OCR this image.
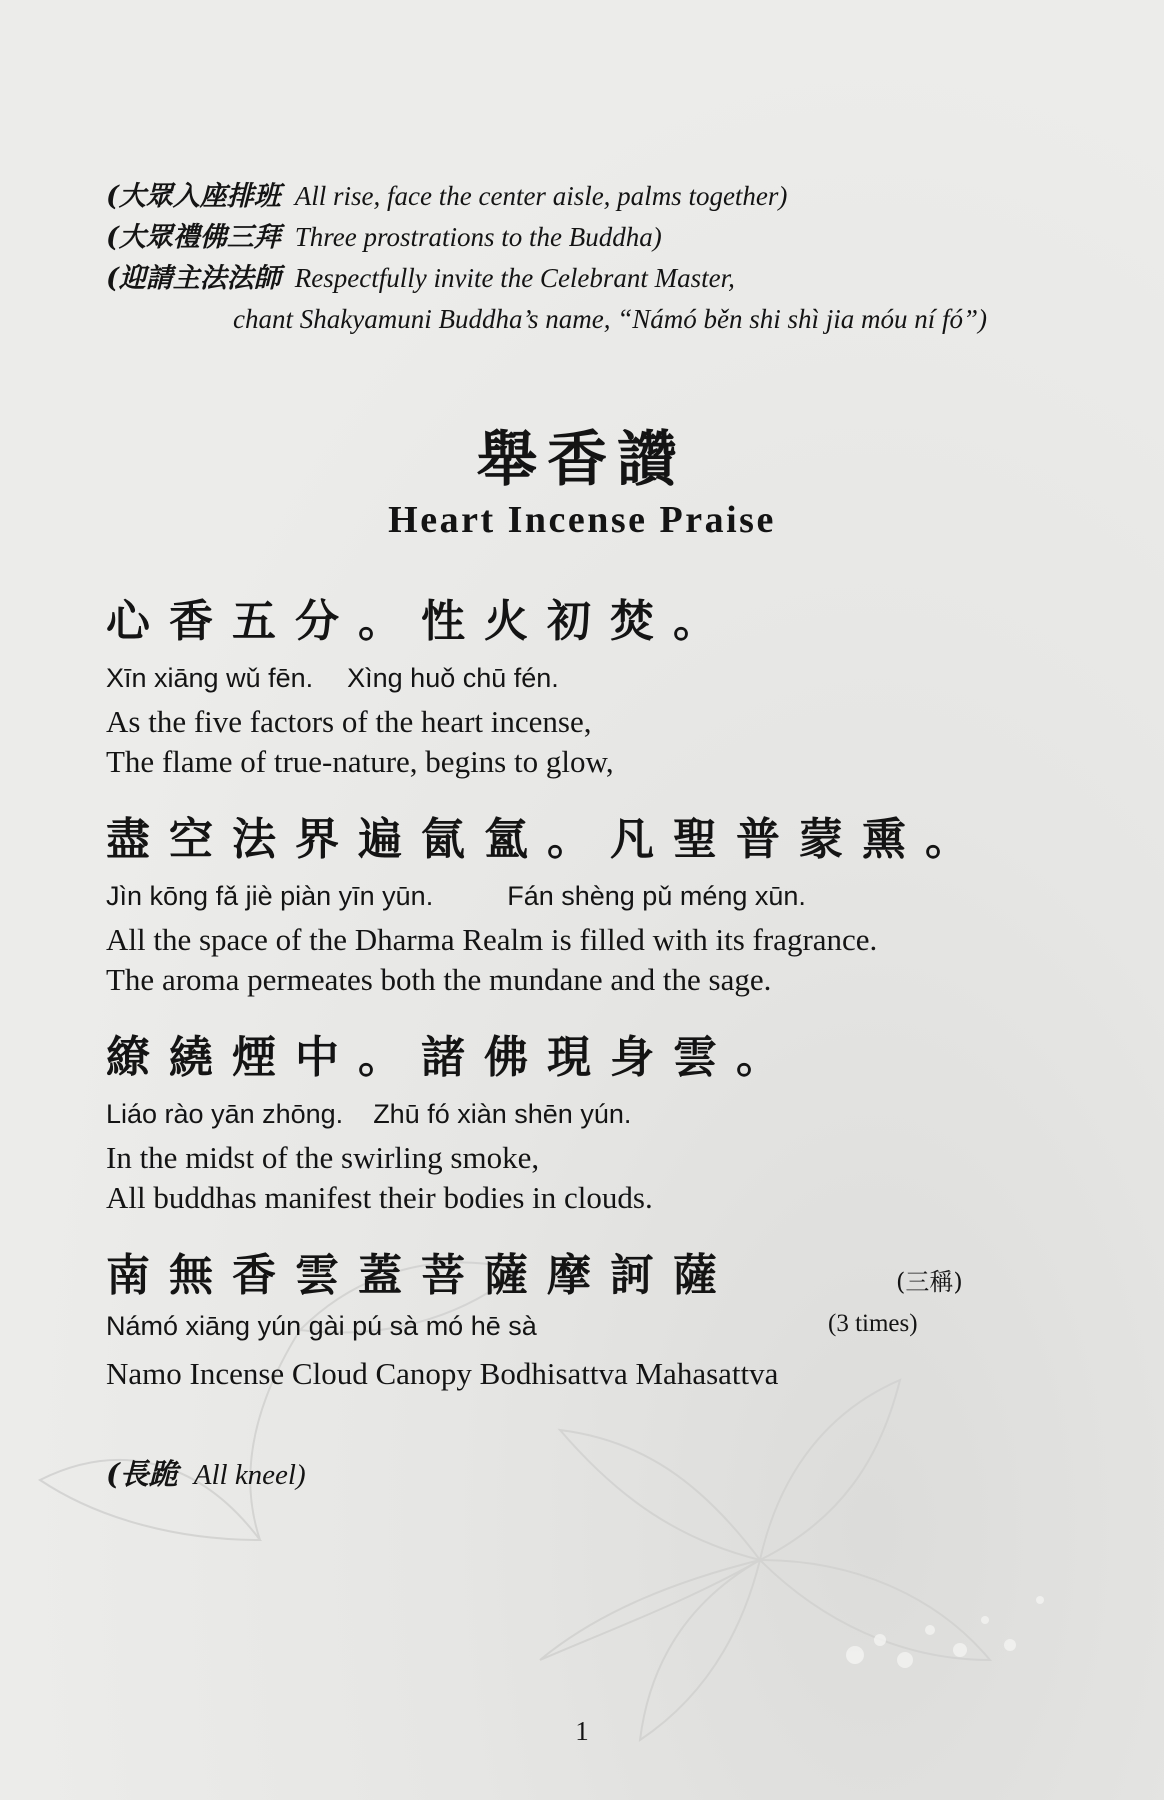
(大眾入座排班 All rise, face the center aisle, palms together)
(大眾禮佛三拜 Three prostrations to the Buddha)
(迎請主法法師 Respectfully invite the Celebrant Master,
chant Shakyamuni Buddha’s name, “Námó běn shi shì jia móu ní fó”)
舉香讚
Heart Incense Praise
心香五分。性火初焚。
Xīn xiāng wǔ fēn. Xìng huǒ chū fén.
As the five factors of the heart incense,
The flame of true-nature, begins to glow,
盡空法界遍氤氳。凡聖普蒙熏。
Jìn kōng fǎ jiè piàn yīn yūn.	Fán shèng pǔ méng xūn.
All the space of the Dharma Realm is filled with its fragrance.
The aroma permeates both the mundane and the sage.
繚繞煙中。諸佛現身雲。
Liáo rào yān zhōng. Zhū fó xiàn shēn yún.
In the midst of the swirling smoke,
All buddhas manifest their bodies in clouds.
南無香雲蓋菩薩摩訶薩
Námó xiāng yún gài pú sà mó hē sà
Namo Incense Cloud Canopy Bodhisattva Mahasattva
(三稱)
(3 times)
(長跪 All kneel)
1
